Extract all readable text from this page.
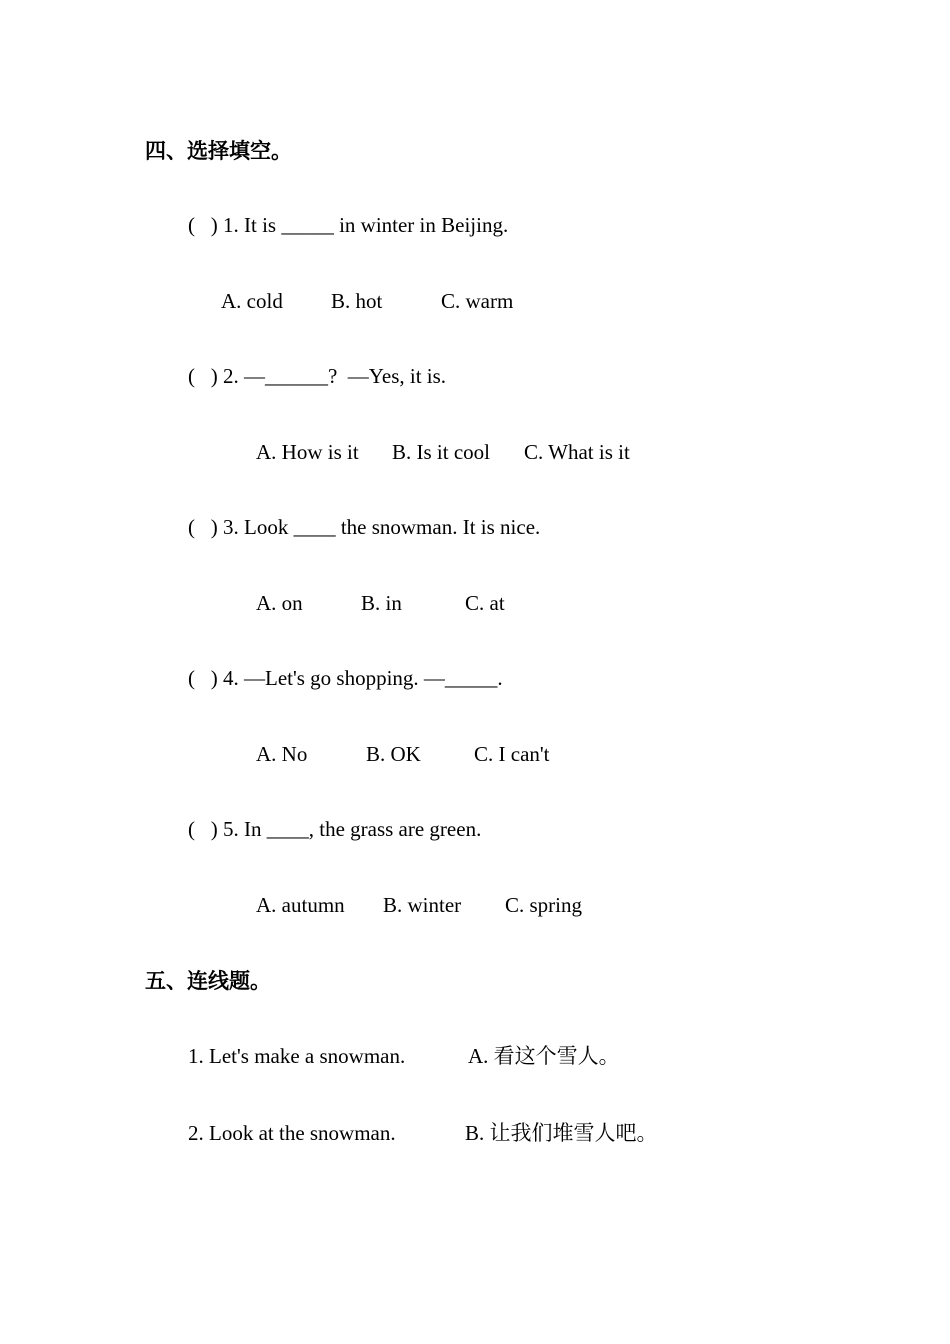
四、选择填空。
(   ) 1. It is _____ in winter in Beijing.
A. cold B. hot	C. warm
(   ) 2. —______?  —Yes, it is.
A. How is it B. Is it cool C. What is it
(   ) 3. Look ____ the snowman. It is nice.
A. on	B. in	C. at
(   ) 4. —Let's go shopping. —_____.
A. No	B. OK	C. I can't
(   ) 5. In ____, the grass are green.
A. autumn B. winter C. spring
五、连线题。
1. Let's make a snowman.	A. 看这个雪人。
2. Look at the snowman.	B. 让我们堆雪人吧。
